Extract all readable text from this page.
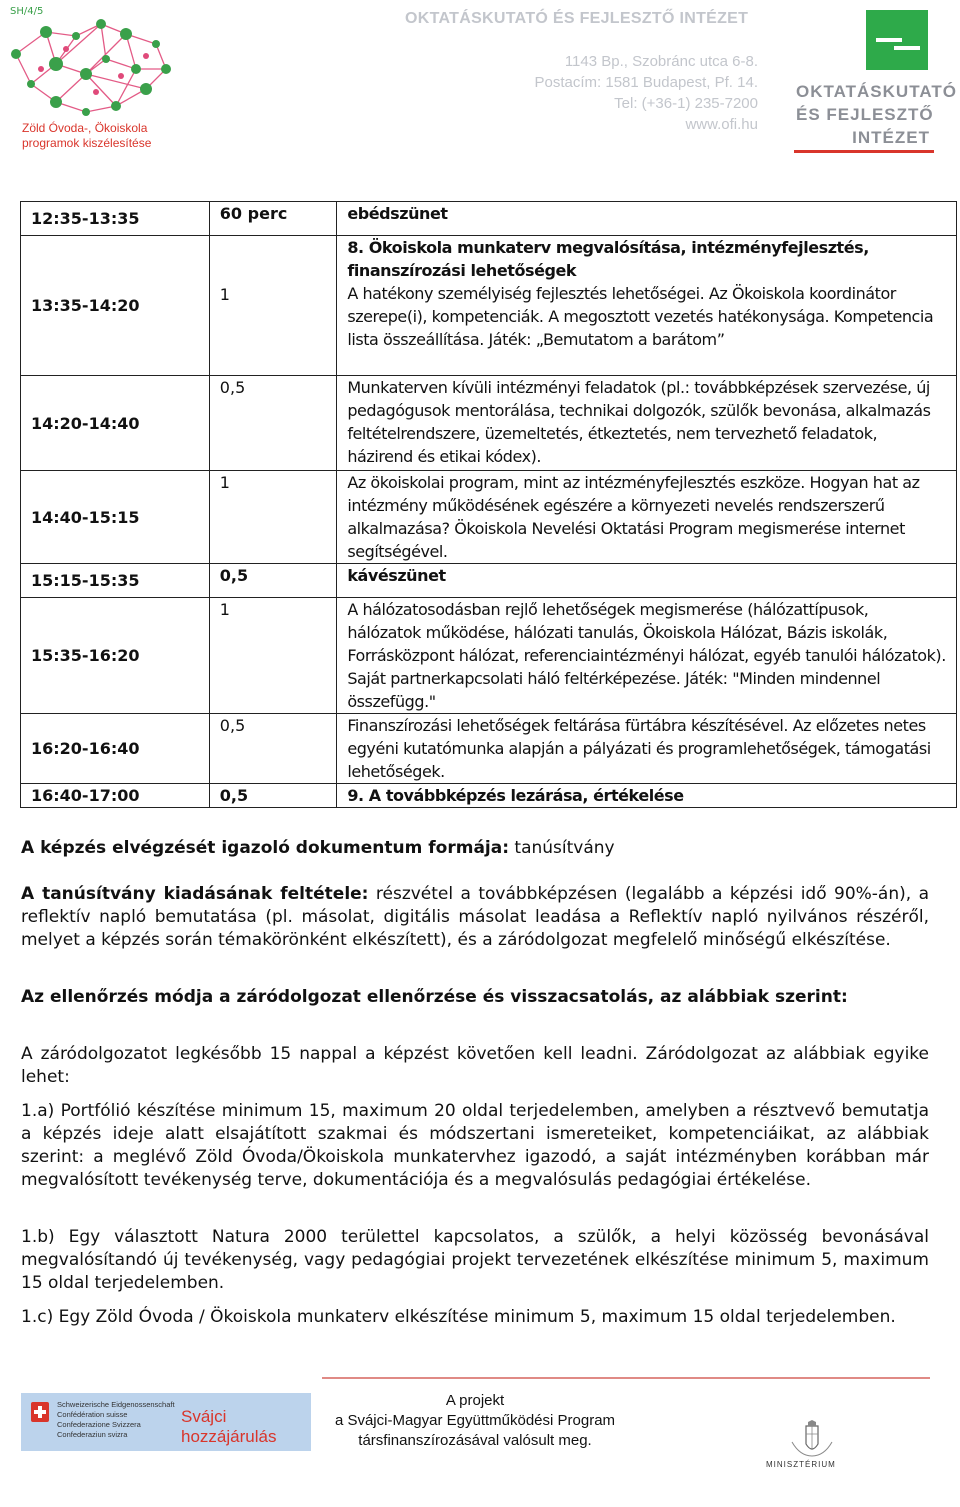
SH/4/5
Zöld Óvoda-, Ökoiskola
programok kiszélesítése
OKTATÁSKUTATÓ ÉS FEJLESZTŐ INTÉZET
1143 Bp., Szobránc utca 6-8.
Postacím: 1581 Budapest, Pf. 14.
Tel: (+36-1) 235-7200
www.ofi.hu
OKTATÁSKUTATÓ
ÉS FEJLESZTŐ
INTÉZET
12:35-13:35	60 perc	ebédszünet
13:35-14:20	1	8. Ökoiskola munkaterv megvalósítása, intézményfejlesztés, finanszírozási lehetőségek
A hatékony személyiség fejlesztés lehetőségei. Az Ökoiskola koordinátor szerepe(i), kompetenciák. A megosztott vezetés hatékonysága. Kompetencia lista összeállítása. Játék: „Bemutatom a barátom”

14:20-14:40	0,5	Munkaterven kívüli intézményi feladatok (pl.: továbbképzések szervezése, új pedagógusok mentorálása, technikai dolgozók, szülők bevonása, alkalmazás feltételrendszere, üzemeltetés, étkeztetés, nem tervezhető feladatok, házirend és etikai kódex).
14:40-15:15	1	Az ökoiskolai program, mint az intézményfejlesztés eszköze. Hogyan hat az intézmény működésének egészére a környezeti nevelés rendszerszerű alkalmazása? Ökoiskola Nevelési Oktatási Program megismerése internet segítségével.
15:15-15:35	0,5	kávészünet
15:35-16:20	1	A hálózatosodásban rejlő lehetőségek megismerése (hálózattípusok, hálózatok működése, hálózati tanulás, Ökoiskola Hálózat, Bázis iskolák, Forrásközpont hálózat, referenciaintézményi hálózat, egyéb tanulói hálózatok). Saját partnerkapcsolati háló feltérképezése. Játék: "Minden mindennel összefügg."
16:20-16:40	0,5	Finanszírozási lehetőségek feltárása fürtábra készítésével. Az előzetes netes egyéni kutatómunka alapján a pályázati és programlehetőségek, támogatási lehetőségek.
16:40-17:00	0,5	9. A továbbképzés lezárása, értékelése
A képzés elvégzését igazoló dokumentum formája: tanúsítvány
A tanúsítvány kiadásának feltétele: részvétel a továbbképzésen (legalább a képzési idő 90%-án), a reflektív napló bemutatása (pl. másolat, digitális másolat leadása a Reflektív napló nyilvános részéről, melyet a képzés során témakörönként elkészített), és a záródolgozat megfelelő minőségű elkészítése.
Az ellenőrzés módja a záródolgozat ellenőrzése és visszacsatolás, az alábbiak szerint:
A záródolgozatot legkésőbb 15 nappal a képzést követően kell leadni. Záródolgozat az alábbiak egyike lehet:
1.a) Portfólió készítése minimum 15, maximum 20 oldal terjedelemben, amelyben a résztvevő bemutatja a képzés ideje alatt elsajátított szakmai és módszertani ismereteiket, kompetenciáikat, az alábbiak szerint: a meglévő Zöld Óvoda/Ökoiskola munkatervhez igazodó, a saját intézményben korábban már megvalósított tevékenység terve, dokumentációja és a megvalósulás pedagógiai értékelése.
1.b) Egy választott Natura 2000 területtel kapcsolatos, a szülők, a helyi közösség bevonásával megvalósítandó új tevékenység, vagy pedagógiai projekt tervezetének elkészítése minimum 5, maximum 15 oldal terjedelemben.
1.c) Egy Zöld Óvoda / Ökoiskola munkaterv elkészítése minimum 5, maximum 15 oldal terjedelemben.
Schweizerische Eidgenossenschaft
Confédération suisse
Confederazione Svizzera
Confederaziun svizra
Svájci
hozzájárulás
A projekt
a Svájci-Magyar Együttműködési Program
társfinanszírozásával valósult meg.
MINISZTÉRIUM
